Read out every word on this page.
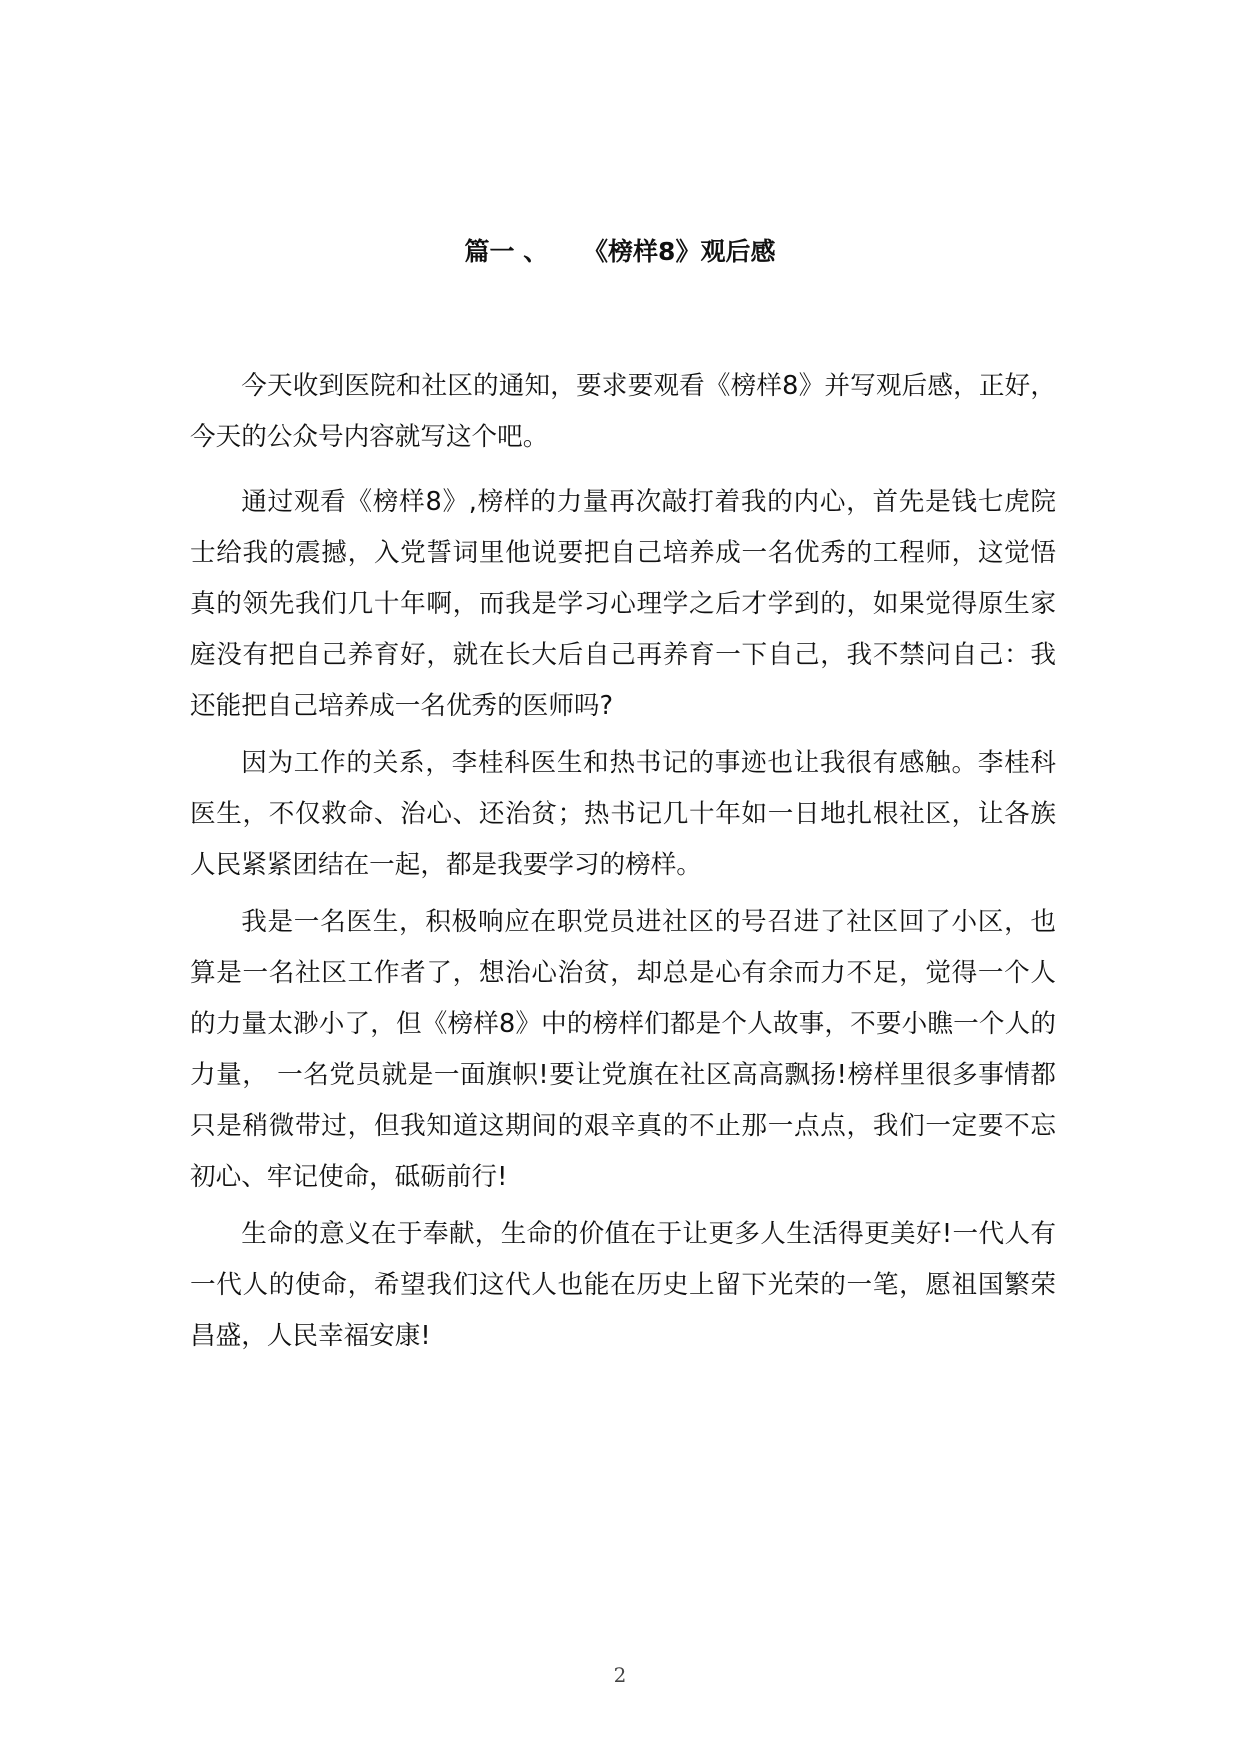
篇一 、    《榜样8》观后感

今天收到医院和社区的通知，要求要观看《榜样8》并写观后感，正好，今天的公众号内容就写这个吧。

通过观看《榜样8》,榜样的力量再次敲打着我的内心，首先是钱七虎院士给我的震撼，入党誓词里他说要把自己培养成一名优秀的工程师，这觉悟真的领先我们几十年啊，而我是学习心理学之后才学到的，如果觉得原生家庭没有把自己养育好，就在长大后自己再养育一下自己，我不禁问自己：我还能把自己培养成一名优秀的医师吗?

因为工作的关系，李桂科医生和热书记的事迹也让我很有感触。李桂科医生，不仅救命、治心、还治贫；热书记几十年如一日地扎根社区，让各族人民紧紧团结在一起，都是我要学习的榜样。

我是一名医生，积极响应在职党员进社区的号召进了社区回了小区，也算是一名社区工作者了，想治心治贫，却总是心有余而力不足，觉得一个人的力量太渺小了，但《榜样8》中的榜样们都是个人故事，不要小瞧一个人的力量， 一名党员就是一面旗帜!要让党旗在社区高高飘扬!榜样里很多事情都只是稍微带过，但我知道这期间的艰辛真的不止那一点点，我们一定要不忘初心、牢记使命，砥砺前行!

生命的意义在于奉献，生命的价值在于让更多人生活得更美好!一代人有一代人的使命，希望我们这代人也能在历史上留下光荣的一笔，愿祖国繁荣昌盛，人民幸福安康!

2
